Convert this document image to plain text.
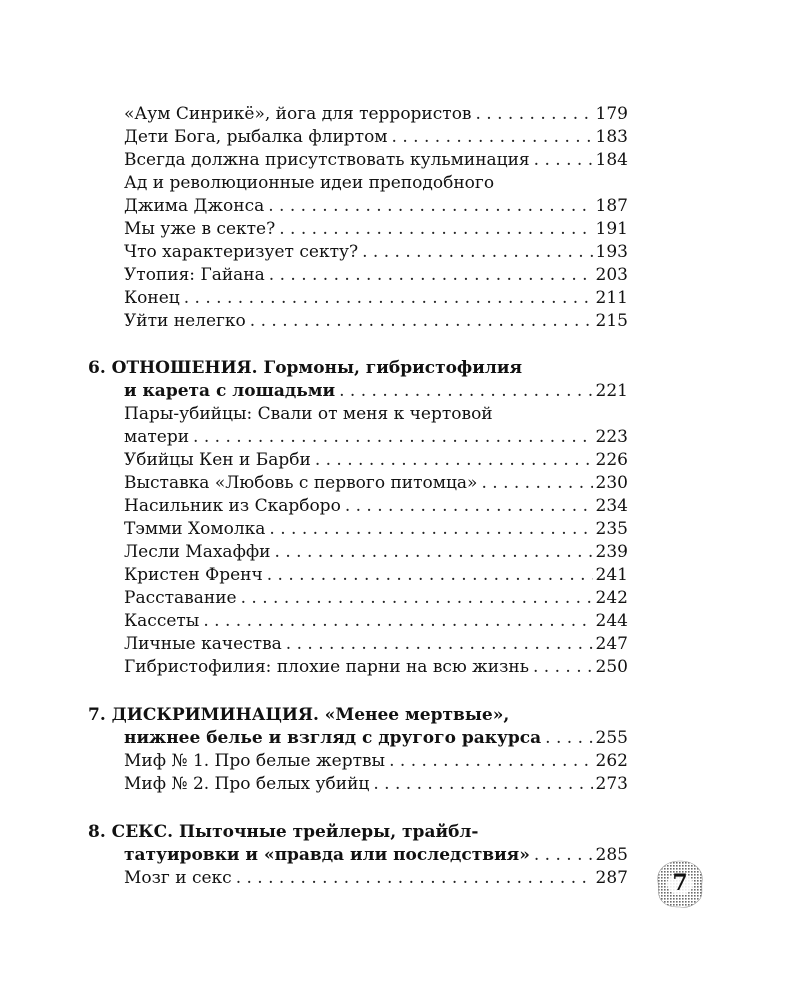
«Аум Синрикё», йога для террористов . . .	179
Дети Бога, рыбалка флиртом . . .	183
Всегда должна присутствовать кульминация . . .	184
Ад и революционные идеи преподобного
Джима Джонса . . .	187
Мы уже в секте? . . .	191
Что характеризует секту? . . .	193
Утопия: Гайана . . .	203
Конец . . .	211
Уйти нелегко . . .	215
6. ОТНОШЕНИЯ. Гормоны, гибристофилия
и карета с лошадьми . . .	221
Пары-убийцы: Свали от меня к чертовой
матери . . .	223
Убийцы Кен и Барби . . .	226
Выставка «Любовь с первого питомца» . . .	230
Насильник из Скарборо . . .	234
Тэмми Хомолка . . .	235
Лесли Махаффи . . .	239
Кристен Френч . . .	241
Расставание . . .	242
Кассеты . . .	244
Личные качества . . .	247
Гибристофилия: плохие парни на всю жизнь . . .	250
7. ДИСКРИМИНАЦИЯ. «Менее мертвые»,
нижнее белье и взгляд с другого ракурса . . .	255
Миф № 1. Про белые жертвы . . .	262
Миф № 2. Про белых убийц . . .	273
8. СЕКС. Пыточные трейлеры, трайбл-
татуировки и «правда или последствия» . . .	285
Мозг и секс . . .	287	7
